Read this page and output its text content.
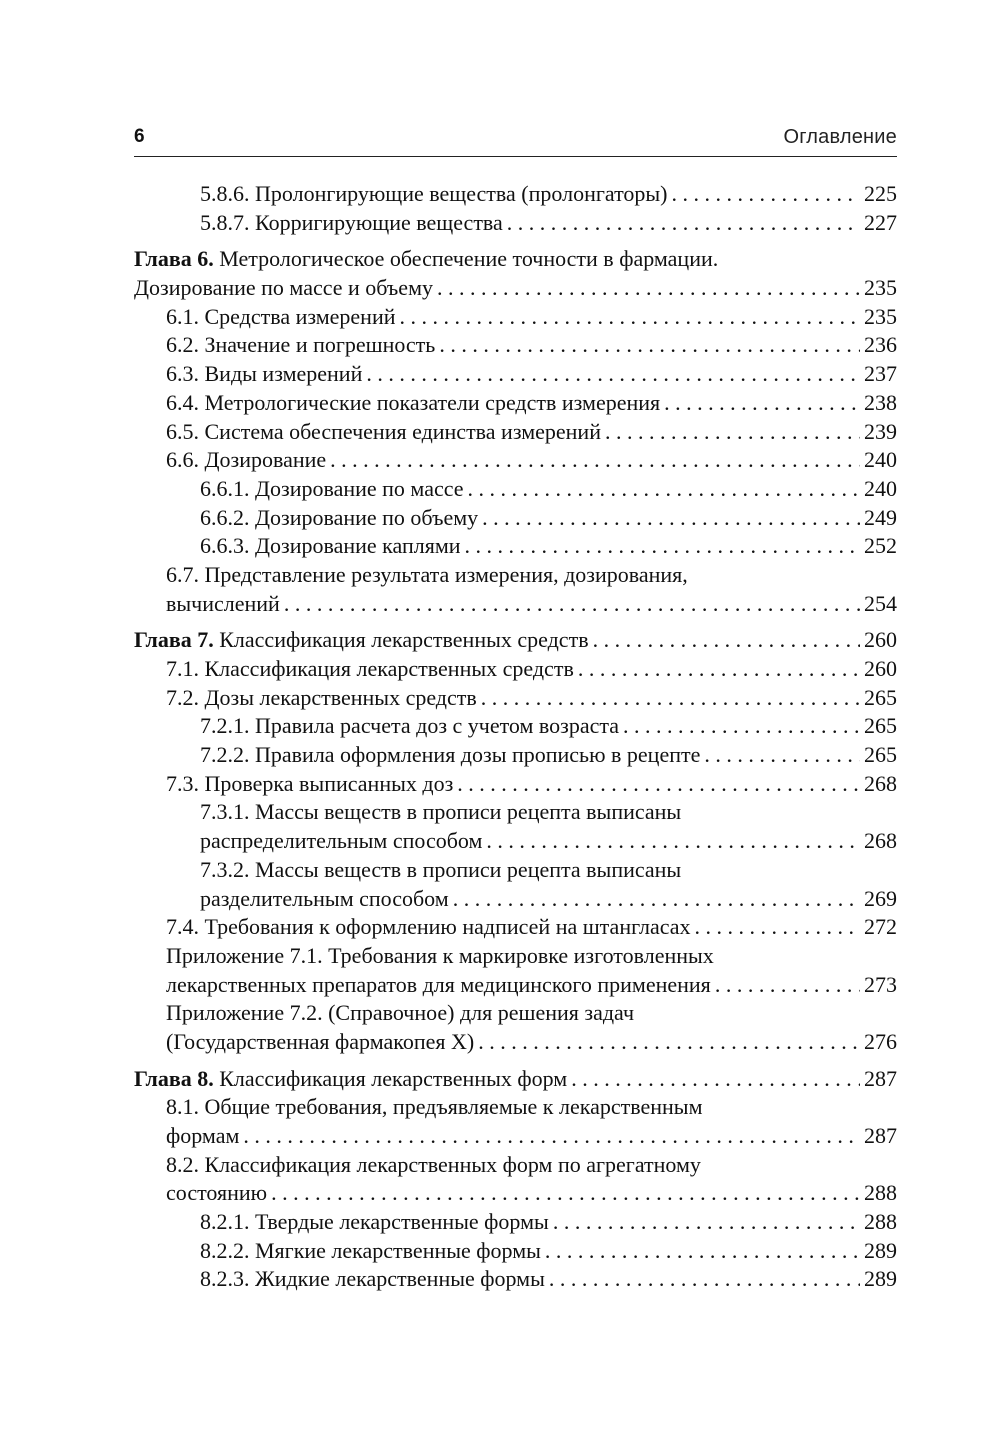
6	Оглавление
5.8.6. Пролонгирующие вещества (пролонгаторы) . . .	225
5.8.7. Корригирующие вещества . . .	227
Глава 6.
Метрологическое обеспечение точности в фармации.
Дозирование по массе и объему . . .	235
6.1. Средства измерений . . .	235
6.2. Значение и погрешность . . .	236
6.3. Виды измерений . . .	237
6.4. Метрологические показатели средств измерения . . .	238
6.5. Система обеспечения единства измерений . . .	239
6.6. Дозирование . . .	240
6.6.1. Дозирование по массе . . .	240
6.6.2. Дозирование по объему . . .	249
6.6.3. Дозирование каплями . . .	252
6.7. Представление результата измерения, дозирования,
вычислений . . .	254
Глава 7.
Классификация лекарственных средств . . .	260
7.1. Классификация лекарственных средств . . .	260
7.2. Дозы лекарственных средств . . .	265
7.2.1. Правила расчета доз с учетом возраста . . .	265
7.2.2. Правила оформления дозы прописью в рецепте . . .	265
7.3. Проверка выписанных доз . . .	268
7.3.1. Массы веществ в прописи рецепта выписаны
распределительным способом . . .	268
7.3.2. Массы веществ в прописи рецепта выписаны
разделительным способом . . .	269
7.4. Требования к оформлению надписей на штангласах . . .	272
Приложение 7.1. Требования к маркировке изготовленных
лекарственных препаратов для медицинского применения . . .	273
Приложение 7.2. (Справочное) для решения задач
(Государственная фармакопея X) . . .	276
Глава 8.
Классификация лекарственных форм . . .	287
8.1. Общие требования, предъявляемые к лекарственным
формам . . .	287
8.2. Классификация лекарственных форм по агрегатному
состоянию . . .	288
8.2.1. Твердые лекарственные формы . . .	288
8.2.2. Мягкие лекарственные формы . . .	289
8.2.3. Жидкие лекарственные формы . . .	289
